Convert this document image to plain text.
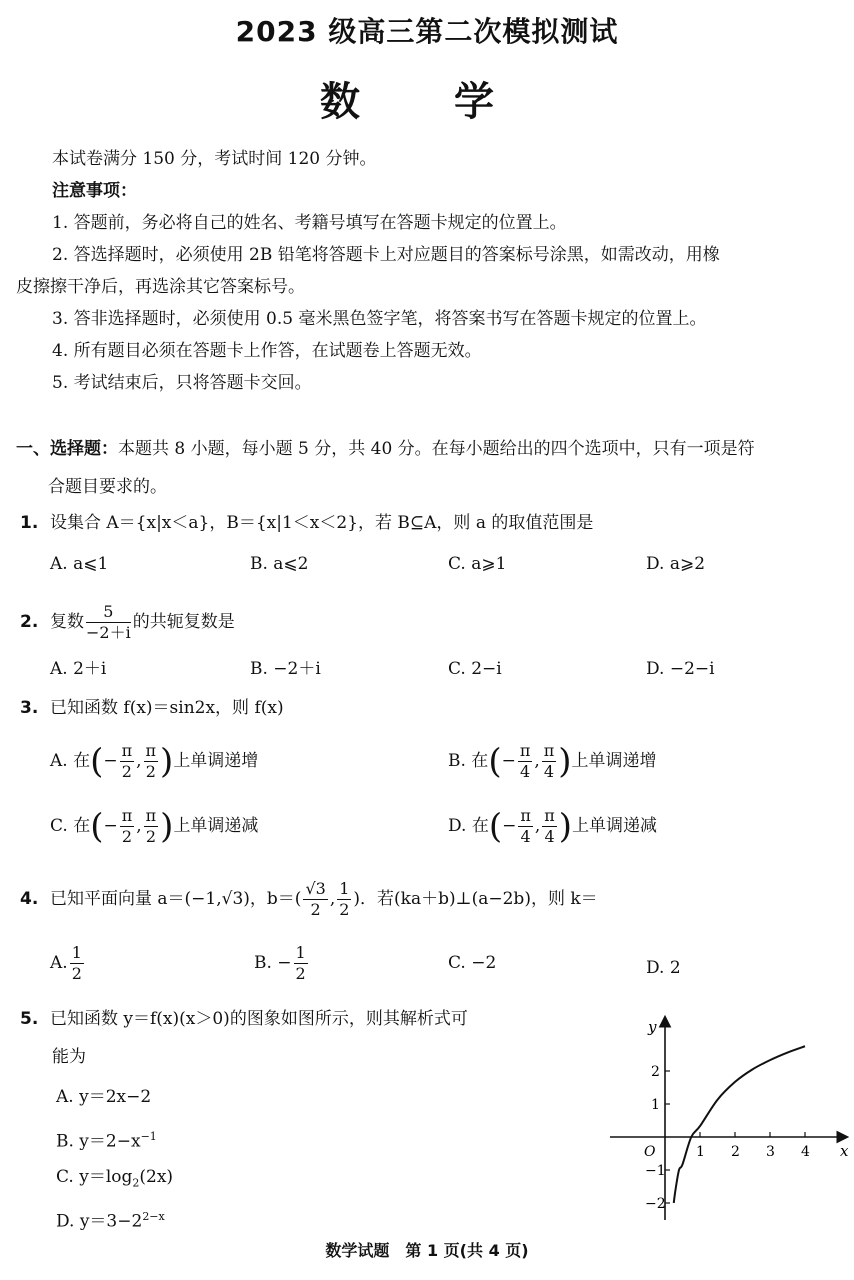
2023 级高三第二次模拟测试
数 学
本试卷满分 150 分，考试时间 120 分钟。
注意事项：
1. 答题前，务必将自己的姓名、考籍号填写在答题卡规定的位置上。
2. 答选择题时，必须使用 2B 铅笔将答题卡上对应题目的答案标号涂黑，如需改动，用橡
皮擦擦干净后，再选涂其它答案标号。
3. 答非选择题时，必须使用 0.5 毫米黑色签字笔，将答案书写在答题卡规定的位置上。
4. 所有题目必须在答题卡上作答，在试题卷上答题无效。
5. 考试结束后，只将答题卡交回。
一、选择题：本题共 8 小题，每小题 5 分，共 40 分。在每小题给出的四个选项中，只有一项是符
合题目要求的。
1. 设集合 A＝{x|x＜a}，B＝{x|1＜x＜2}，若 B⊆A，则 a 的取值范围是
A. a⩽1	B. a⩽2	C. a⩾1	D. a⩾2
2. 复数 $\frac{5}{-2+i}$ 的共轭复数是
A. 2＋i	B. −2＋i	C. 2−i	D. −2−i
3. 已知函数 f(x)＝sin2x，则 f(x)
A. 在(− $\frac{\pi}{2}$ , $\frac{\pi}{2}$ )上单调递增	B. 在(− $\frac{\pi}{4}$ , $\frac{\pi}{4}$ )上单调递增
C. 在(− $\frac{\pi}{2}$ , $\frac{\pi}{2}$ )上单调递减	D. 在(− $\frac{\pi}{4}$ , $\frac{\pi}{4}$ )上单调递减
4. 已知平面向量 a＝(−1,√3)，$b=( \frac{√3}{2}$ , $\frac{1}{2}$ )．若(ka＋b)⊥(a−2b)，则 k＝
A. $\frac{1}{2}$	B. − $\frac{1}{2}$	C. −2	D. 2
5. 已知函数 y＝f(x)(x＞0)的图象如图所示，则其解析式可
能为
A. y＝2x−2
B. $y=2-x^{-1}$
C. $y=\log_2(2x)$
D. $y=3-2^{2-x}$
1 2 3 4
2
1
−1
−2
y
x
O
数学试题　第 1 页(共 4 页)
